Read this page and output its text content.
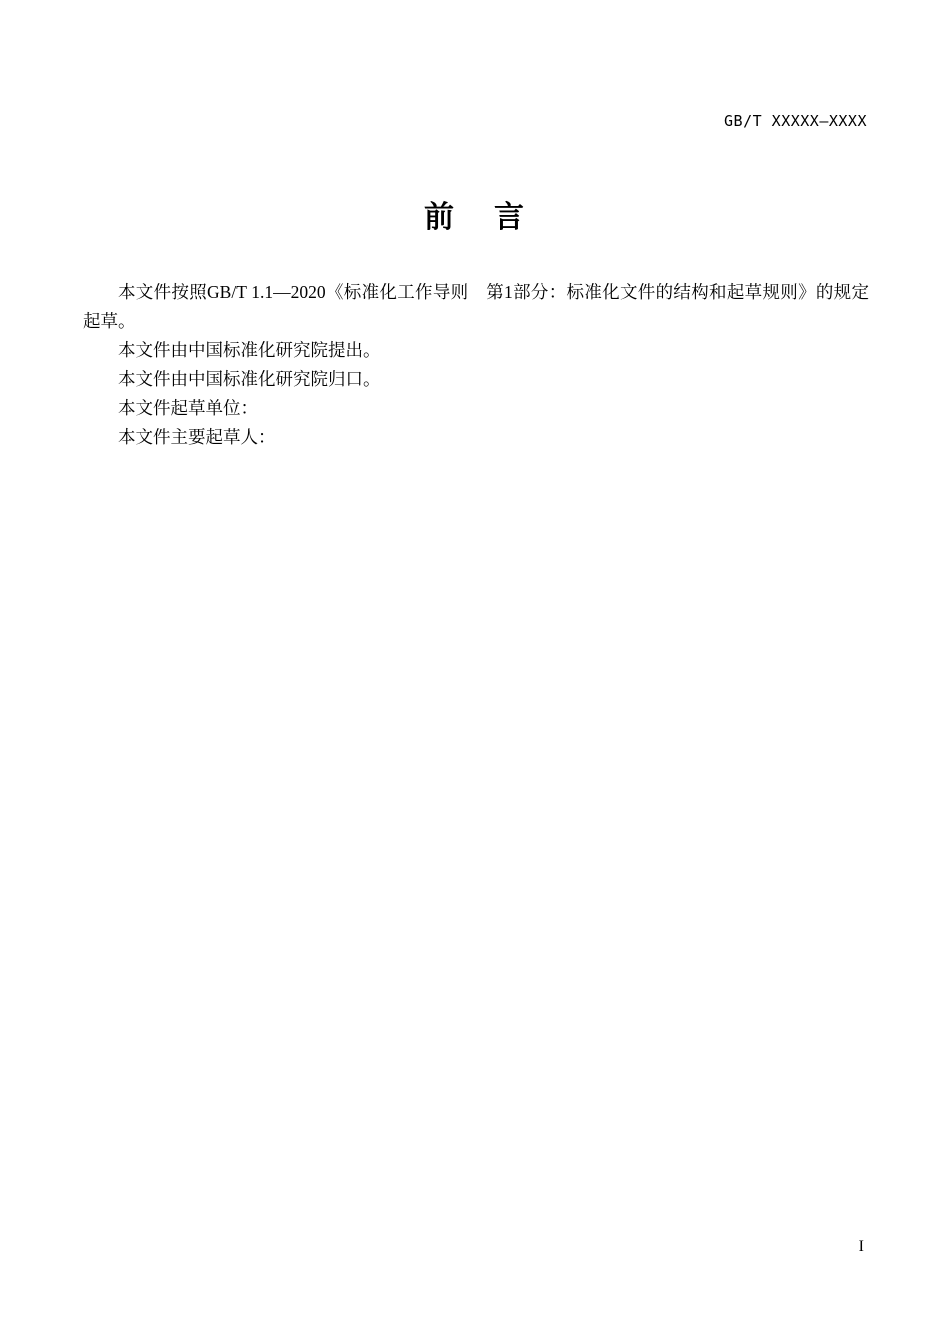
GB/T XXXXX—XXXX
前 言

本文件按照GB/T 1.1—2020《标准化工作导则　第1部分：标准化文件的结构和起草规则》的规定起草。

本文件由中国标准化研究院提出。

本文件由中国标准化研究院归口。

本文件起草单位：

本文件主要起草人：

I
